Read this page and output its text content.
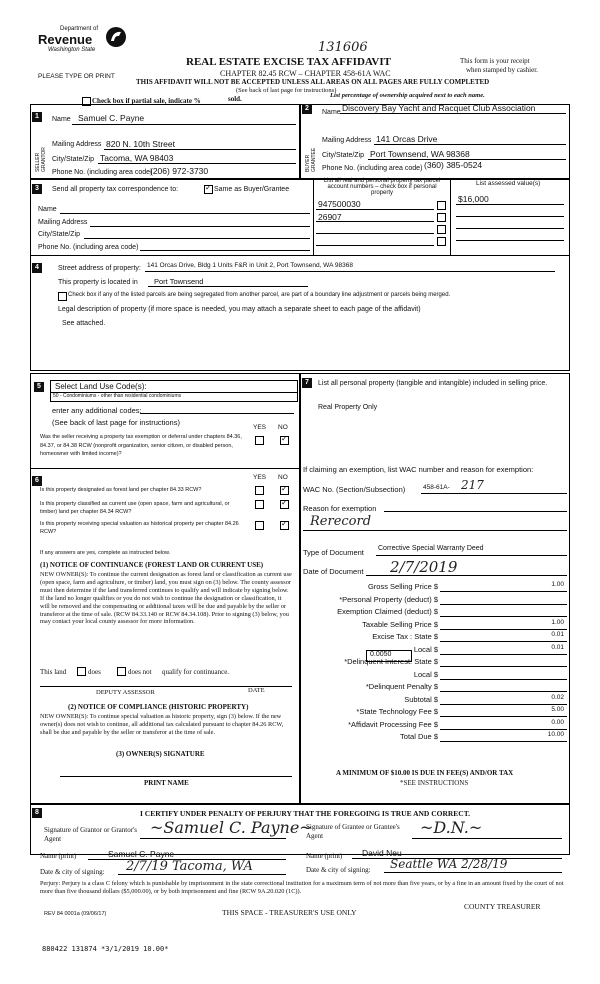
Department of
Revenue
Washington State	131606
REAL ESTATE EXCISE TAX AFFIDAVIT
CHAPTER 82.45 RCW – CHAPTER 458-61A WAC
THIS AFFIDAVIT WILL NOT BE ACCEPTED UNLESS ALL AREAS ON ALL PAGES ARE FULLY COMPLETED
(See back of last page for instructions)
PLEASE TYPE OR PRINT
This form is your receipt
when stamped by cashier.
Check box if partial sale, indicate %	sold.	List percentage of ownership acquired next to each name.
1
2
SELLER GRANTOR	BUYER GRANTEE
Name Samuel C. Payne
Mailing Address 820 N. 10th Street
City/State/Zip Tacoma, WA 98403
Phone No. (including area code)
(206) 972-3730
Name Discovery Bay Yacht and Racquet Club Association
Mailing Address 141 Orcas Drive
City/State/Zip Port Townsend, WA 98368
Phone No. (including area code) (360) 385-0524
3	Send all property tax correspondence to:
✓	Same as Buyer/Grantee
Name
Mailing Address
City/State/Zip
Phone No. (including area code)
List all real and personal property tax parcel account numbers – check box if personal property
List assessed value(s)
947500030
26907
$16,000
4	Street address of property: 141 Orcas Drive, Bldg 1 Units F&R in Unit 2, Port Townsend, WA 98368
This property is located in Port Townsend
Check box if any of the listed parcels are being segregated from another parcel, are part of a boundary line adjustment or parcels being merged.
Legal description of property (if more space is needed, you may attach a separate sheet to each page of the affidavit)
See attached.
5	Select Land Use Code(s):
50 - Condominiums - other than residential condominiums
enter any additional codes:
(See back of last page for instructions)
YES NO
Was the seller receiving a property tax exemption or deferral under chapters 84.36, 84.37, or 84.38 RCW (nonprofit organization, senior citizen, or disabled person, homeowner with limited income)?
✓
7	List all personal property (tangible and intangible) included in selling price.
Real Property Only
6	YES NO
Is this property designated as forest land per chapter 84.33 RCW?
✓
Is this property classified as current use (open space, farm and agricultural, or timber) land per chapter 84.34 RCW?
✓
Is this property receiving special valuation as historical property per chapter 84.26 RCW?
✓
If any answers are yes, complete as instructed below.
(1) NOTICE OF CONTINUANCE (FOREST LAND OR CURRENT USE)
NEW OWNER(S): To continue the current designation as forest land or classification as current use (open space, farm and agriculture, or timber) land, you must sign on (3) below. The county assessor must then determine if the land transferred continues to qualify and will indicate by signing below. If the land no longer qualifies or you do not wish to continue the designation or classification, it will be removed and the compensating or additional taxes will be due and payable by the seller or transferor at the time of sale. (RCW 84.33.140 or RCW 84.34.108). Prior to signing (3) below, you may contact your local county assessor for more information.
This land	does	does not qualify for continuance.
DEPUTY ASSESSOR	DATE
(2) NOTICE OF COMPLIANCE (HISTORIC PROPERTY)
NEW OWNER(S): To continue special valuation as historic property, sign (3) below. If the new owner(s) does not wish to continue, all additional tax calculated pursuant to chapter 84.26 RCW, shall be due and payable by the seller or transferor at the time of sale.
(3) OWNER(S) SIGNATURE
PRINT NAME
If claiming an exemption, list WAC number and reason for exemption:
WAC No. (Section/Subsection)	458-61A- 217
Reason for exemption
Rerecord
Type of Document Corrective Special Warranty Deed
Date of Document 2/7/2019
Gross Selling Price $	1.00
*Personal Property (deduct) $
Exemption Claimed (deduct) $
Taxable Selling Price $	1.00
Excise Tax : State $	0.01
Local $	0.01
*Delinquent Interest: State $
Local $
*Delinquent Penalty $
Subtotal $	0.02
*State Technology Fee $	5.00
*Affidavit Processing Fee $	0.00
Total Due $	10.00
0.0050
A MINIMUM OF $10.00 IS DUE IN FEE(S) AND/OR TAX
*SEE INSTRUCTIONS
8	I CERTIFY UNDER PENALTY OF PERJURY THAT THE FOREGOING IS TRUE AND CORRECT.
Signature of Grantor or Grantor's Agent
~Samuel C. Payne~
Signature of Grantee or Grantee's Agent	~D.N.~
Name (print)	Samuel C. Payne	Name (print) David Neu
Date & city of signing: 2/7/19 Tacoma, WA	Date & city of signing: Seattle WA 2/28/19
Perjury: Perjury is a class C felony which is punishable by imprisonment in the state correctional institution for a maximum term of not more than five years, or by a fine in an amount fixed by the court of not more than five thousand dollars ($5,000.00), or by both imprisonment and fine (RCW 9A.20.020 (1C)).
REV 84 0001a (09/06/17)	THIS SPACE - TREASURER'S USE ONLY
COUNTY TREASURER
880422 131874 *3/1/2019 10.00*
